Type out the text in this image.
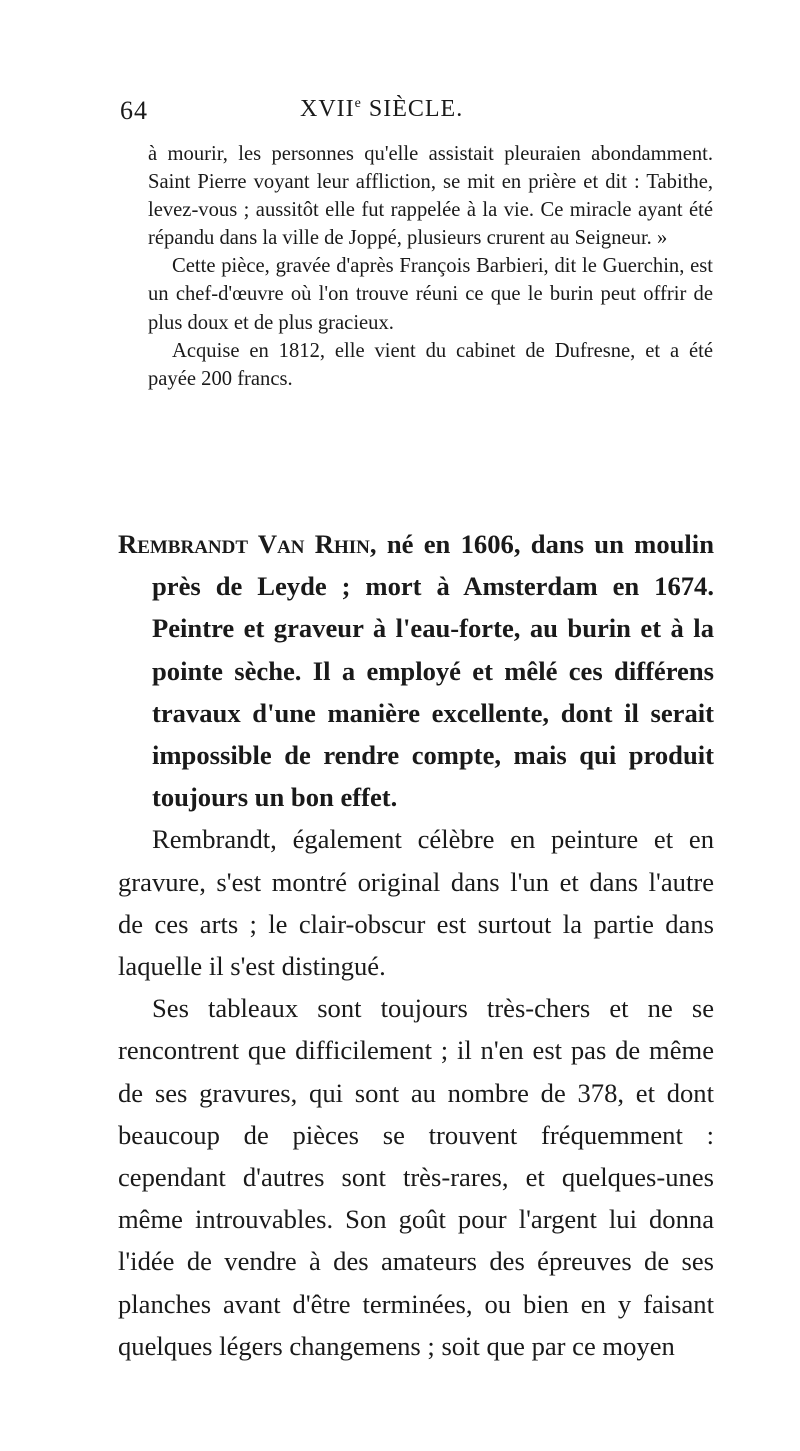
64	XVIIe SIÈCLE.

à mourir, les personnes qu'elle assistait pleuraien abondamment. Saint Pierre voyant leur affliction, se mit en prière et dit : Tabithe, levez-vous ; aussitôt elle fut rappelée à la vie. Ce miracle ayant été répandu dans la ville de Joppé, plusieurs crurent au Seigneur. »

Cette pièce, gravée d'après François Barbieri, dit le Guerchin, est un chef-d'œuvre où l'on trouve réuni ce que le burin peut offrir de plus doux et de plus gracieux.

Acquise en 1812, elle vient du cabinet de Dufresne, et a été payée 200 francs.

Rembrandt Van Rhin, né en 1606, dans un moulin près de Leyde ; mort à Amsterdam en 1674. Peintre et graveur à l'eau-forte, au burin et à la pointe sèche. Il a employé et mêlé ces différens travaux d'une manière excellente, dont il serait impossible de rendre compte, mais qui produit toujours un bon effet.

Rembrandt, également célèbre en peinture et en gravure, s'est montré original dans l'un et dans l'autre de ces arts ; le clair-obscur est surtout la partie dans laquelle il s'est distingué.

Ses tableaux sont toujours très-chers et ne se rencontrent que difficilement ; il n'en est pas de même de ses gravures, qui sont au nombre de 378, et dont beaucoup de pièces se trouvent fréquemment : cependant d'autres sont très-rares, et quelques-unes même introuvables. Son goût pour l'argent lui donna l'idée de vendre à des amateurs des épreuves de ses planches avant d'être terminées, ou bien en y faisant quelques légers changemens ; soit que par ce moyen
